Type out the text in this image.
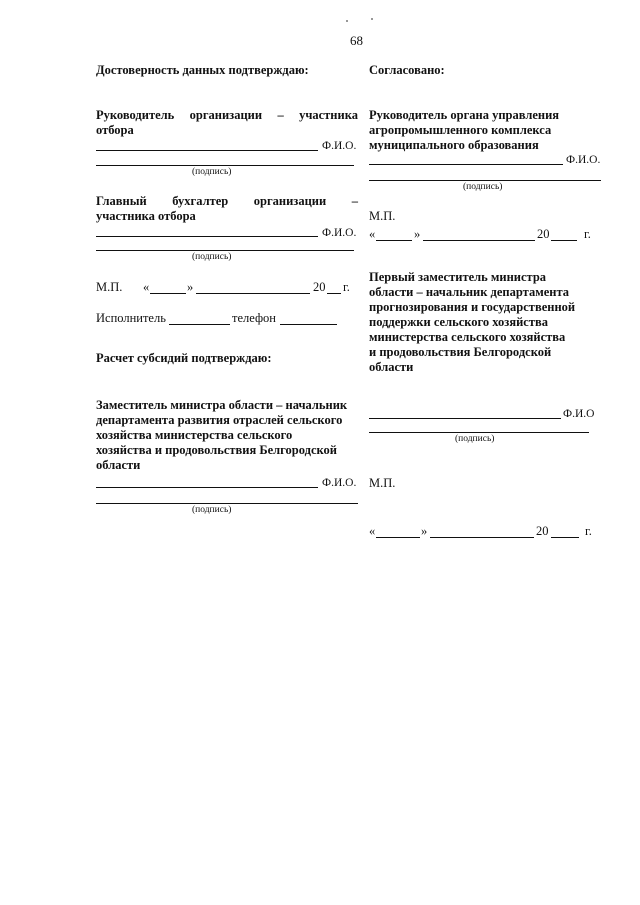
68
Достоверность данных подтверждаю:
Руководитель организации – участника
отбора
Ф.И.О.
(подпись)
Главный бухгалтер организации –
участника отбора
Ф.И.О.
(подпись)
М.П. «	»	20 г.
Исполнитель	телефон
Расчет субсидий подтверждаю:
Заместитель министра области – начальник
департамента развития отраслей сельского
хозяйства министерства сельского
хозяйства и продовольствия Белгородской
области
Ф.И.О.
(подпись)
Согласовано:
Руководитель органа управления
агропромышленного комплекса
муниципального образования
Ф.И.О.
(подпись)
М.П.
«	»	20	г.
Первый заместитель министра
области – начальник департамента
прогнозирования и государственной
поддержки сельского хозяйства
министерства сельского хозяйства
и продовольствия Белгородской
области
Ф.И.О
(подпись)
М.П.
«	»	20	г.
